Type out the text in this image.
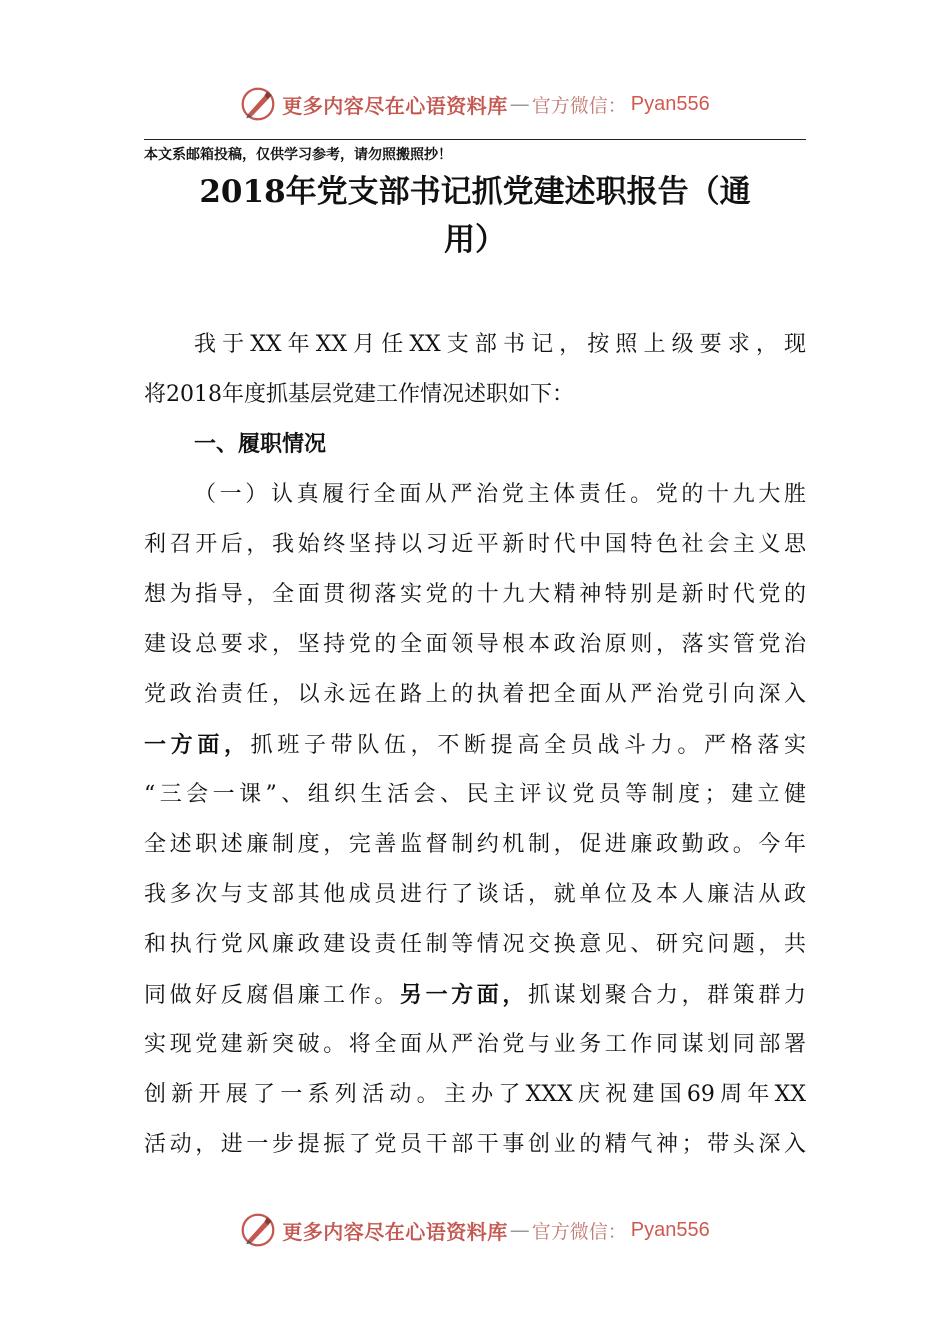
更多内容尽在心语资料库 — 官方微信： Pyan556
本文系邮箱投稿，仅供学习参考，请勿照搬照抄！
2018年党支部书记抓党建述职报告（通
用）
我于XX年XX月任XX支部书记，按照上级要求，现
将2018年度抓基层党建工作情况述职如下：
一、履职情况
（一）认真履行全面从严治党主体责任。党的十九大胜
利召开后，我始终坚持以习近平新时代中国特色社会主义思
想为指导，全面贯彻落实党的十九大精神特别是新时代党的
建设总要求，坚持党的全面领导根本政治原则，落实管党治
党政治责任，以永远在路上的执着把全面从严治党引向深入
一方面，抓班子带队伍，不断提高全员战斗力。严格落实
“三会一课”、组织生活会、民主评议党员等制度；建立健
全述职述廉制度，完善监督制约机制，促进廉政勤政。今年
我多次与支部其他成员进行了谈话，就单位及本人廉洁从政
和执行党风廉政建设责任制等情况交换意见、研究问题，共
同做好反腐倡廉工作。另一方面，抓谋划聚合力，群策群力
实现党建新突破。将全面从严治党与业务工作同谋划同部署
创新开展了一系列活动。主办了XXX庆祝建国69周年XX
活动，进一步提振了党员干部干事创业的精气神；带头深入
更多内容尽在心语资料库 — 官方微信： Pyan556
